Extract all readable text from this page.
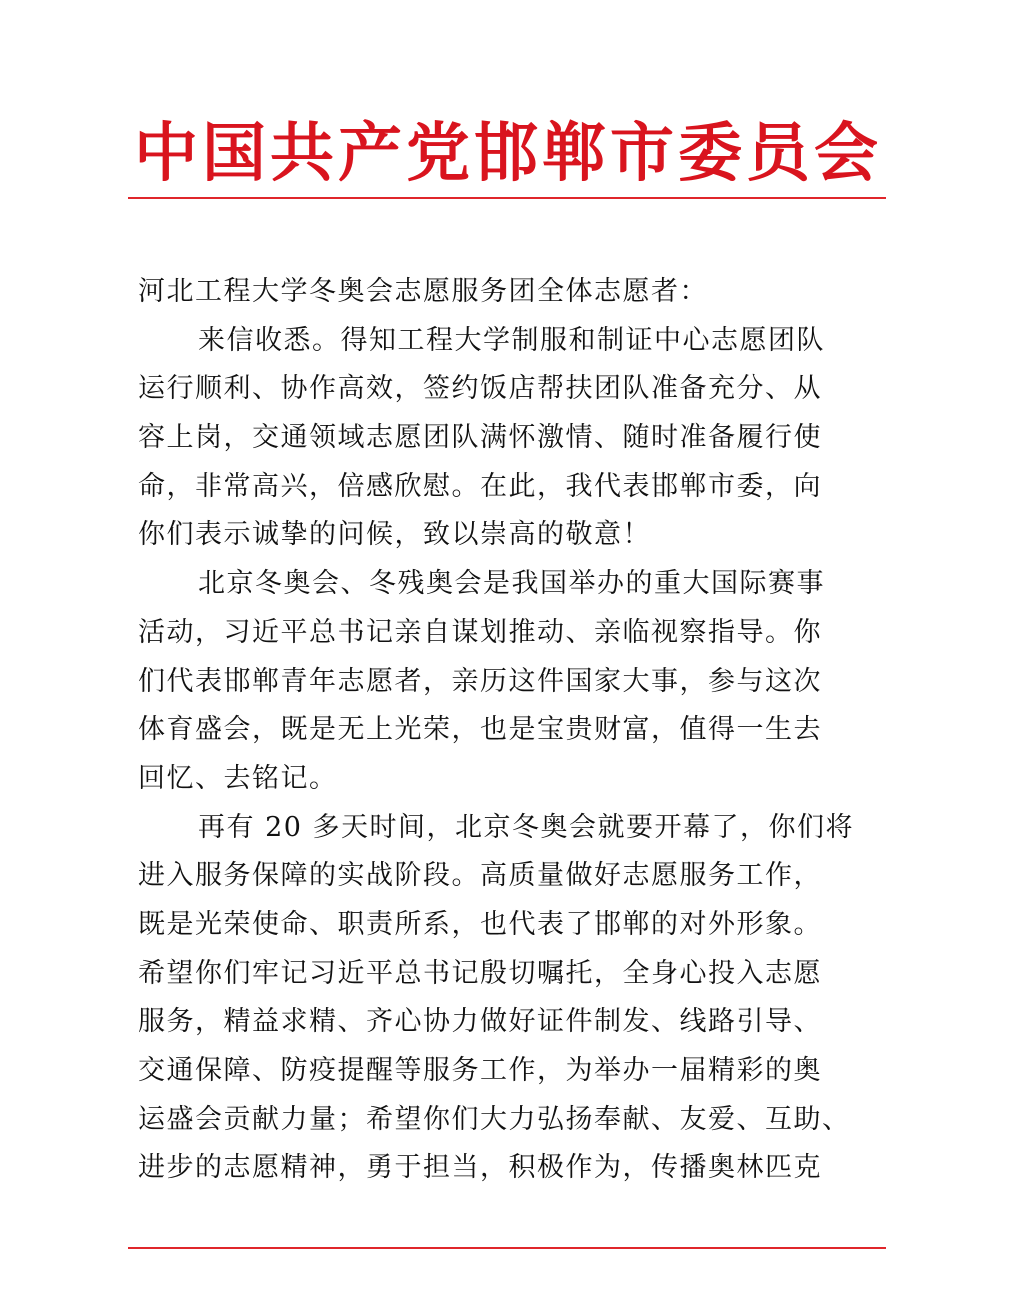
中国共产党邯郸市委员会
河北工程大学冬奥会志愿服务团全体志愿者：
来信收悉。得知工程大学制服和制证中心志愿团队
运行顺利、协作高效，签约饭店帮扶团队准备充分、从
容上岗，交通领域志愿团队满怀激情、随时准备履行使
命，非常高兴，倍感欣慰。在此，我代表邯郸市委，向
你们表示诚挚的问候，致以崇高的敬意！
北京冬奥会、冬残奥会是我国举办的重大国际赛事
活动，习近平总书记亲自谋划推动、亲临视察指导。你
们代表邯郸青年志愿者，亲历这件国家大事，参与这次
体育盛会，既是无上光荣，也是宝贵财富，值得一生去
回忆、去铭记。
再有 20 多天时间，北京冬奥会就要开幕了，你们将
进入服务保障的实战阶段。高质量做好志愿服务工作，
既是光荣使命、职责所系，也代表了邯郸的对外形象。
希望你们牢记习近平总书记殷切嘱托，全身心投入志愿
服务，精益求精、齐心协力做好证件制发、线路引导、
交通保障、防疫提醒等服务工作，为举办一届精彩的奥
运盛会贡献力量；希望你们大力弘扬奉献、友爱、互助、
进步的志愿精神，勇于担当，积极作为，传播奥林匹克
